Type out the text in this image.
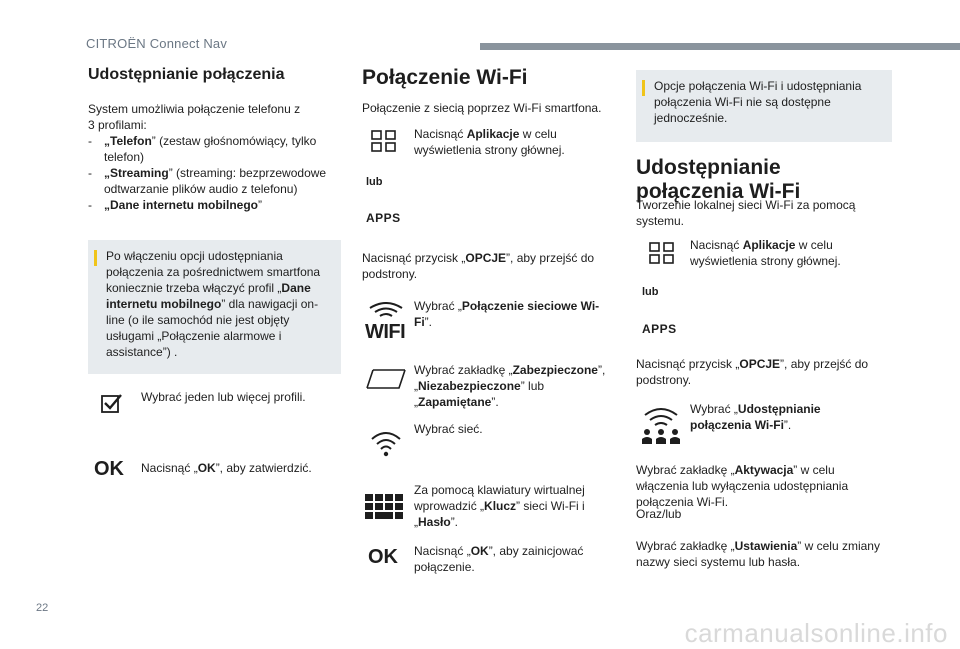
CITROËN Connect Nav
Udostępnianie połączenia

System umożliwia połączenie telefonu z 3 profilami:

-	„Telefon” (zestaw głośnomówiący, tylko telefon)
-	„Streaming” (streaming: bezprzewodowe odtwarzanie plików audio z telefonu)
-	„Dane internetu mobilnego”
Po włączeniu opcji udostępniania połączenia za pośrednictwem smartfona koniecznie trzeba włączyć profil „Dane internetu mobilnego” dla nawigacji on-line (o ile samochód nie jest objęty usługami „Połączenie alarmowe i assistance”) .
Wybrać jeden lub więcej profili.
OK Nacisnąć „OK”, aby zatwierdzić.
Połączenie Wi-Fi

Połączenie z siecią poprzez Wi-Fi smartfona.

Nacisnąć Aplikacje w celu wyświetlenia strony głównej.
lub
APPS
Nacisnąć przycisk „OPCJE”, aby przejść do podstrony.
WIFI
Wybrać „Połączenie sieciowe Wi-Fi”.
Wybrać zakładkę „Zabezpieczone”, „Niezabezpieczone” lub „Zapamiętane”.
Wybrać sieć.
Za pomocą klawiatury wirtualnej wprowadzić „Klucz” sieci Wi-Fi i „Hasło”.
OK Nacisnąć „OK”, aby zainicjować połączenie.
Opcje połączenia Wi-Fi i udostępniania połączenia Wi-Fi nie są dostępne jednocześnie.
Udostępnianie połączenia Wi-Fi

Tworzenie lokalnej sieci Wi-Fi za pomocą systemu.

Nacisnąć Aplikacje w celu wyświetlenia strony głównej.
lub
APPS
Nacisnąć przycisk „OPCJE”, aby przejść do podstrony.
Wybrać „Udostępnianie połączenia Wi-Fi”.
Wybrać zakładkę „Aktywacja” w celu włączenia lub wyłączenia udostępniania połączenia Wi-Fi.
Oraz/lub
Wybrać zakładkę „Ustawienia” w celu zmiany nazwy sieci systemu lub hasła.
22
carmanualsonline.info
